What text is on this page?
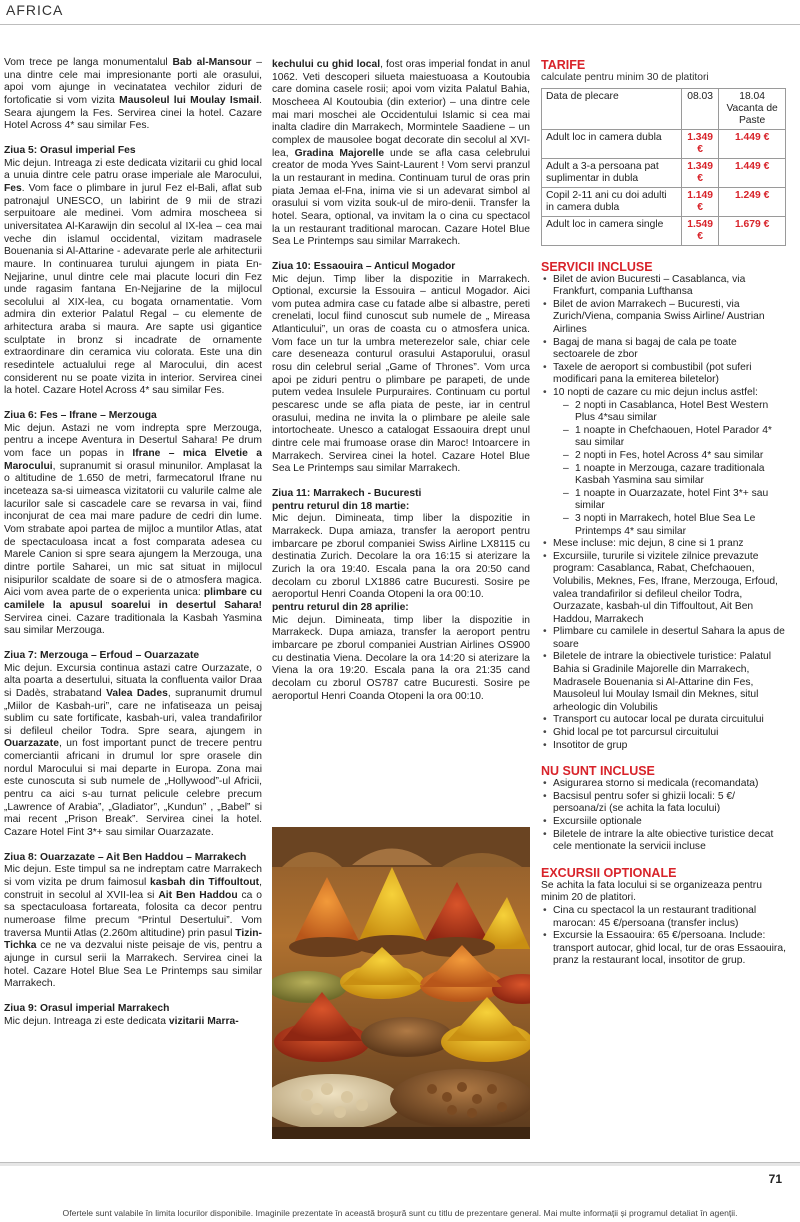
AFRICA

Vom trece pe langa monumentalul Bab al-Mansour – una dintre cele mai impresionante porti ale orasului, apoi vom ajunge in vecinatatea vechilor ziduri de fortoficatie si vom vizita Mausoleul lui Moulay Ismail. Seara ajungem la Fes. Servirea cinei la hotel. Cazare Hotel Across 4* sau similar Fes.

Ziua 5: Orasul imperial Fes

Mic dejun. Intreaga zi este dedicata vizitarii cu ghid local a unuia dintre cele patru orase imperiale ale Marocului, Fes. Vom face o plimbare in jurul Fez el-Bali, aflat sub patronajul UNESCO, un labirint de 9 mii de strazi serpuitoare ale medinei. Vom admira moscheea si universitatea Al-Karawijn din secolul al IX-lea – cea mai veche din islamul occidental, vizitam madrasele Bouenania si Al-Attarine - adevarate perle ale arhitecturii maure. In continuarea turului ajungem in piata En-Nejjarine, unul dintre cele mai placute locuri din Fez unde ragasim fantana En-Nejjarine de la mijlocul secolului al XIX-lea, cu bogata ornamentatie. Vom admira din exterior Palatul Regal – cu elemente de arhitectura araba si maura. Are sapte usi gigantice sculptate in bronz si incadrate de ornamente extraordinare din ceramica viu colorata. Este una din resedintele actualului rege al Marocului, din acest considerent nu se poate vizita in interior. Servirea cinei la hotel. Cazare Hotel Across 4* sau similar Fes.

Ziua 6: Fes – Ifrane – Merzouga

Mic dejun. Astazi ne vom indrepta spre Merzouga, pentru a incepe Aventura in Desertul Sahara! Pe drum vom face un popas in Ifrane – mica Elvetie a Marocului, supranumit si orasul minunilor. Amplasat la o altitudine de 1.650 de metri, farmecatorul Ifrane nu inceteaza sa-si uimeasca vizitatorii cu valurile calme ale lacurilor sale si cascadele care se revarsa in vai, fiind inconjurat de cea mai mare padure de cedri din lume. Vom strabate apoi partea de mijloc a muntilor Atlas, atat de spectaculoasa incat a fost comparata adesea cu Marele Canion si spre seara ajungem la Merzouga, una dintre portile Saharei, un mic sat situat in mijlocul nisipurilor scaldate de soare si de o atmosfera magica. Aici vom avea parte de o experienta unica: plimbare cu camilele la apusul soarelui in desertul Sahara! Servirea cinei. Cazare traditionala la Kasbah Yasmina sau similar Merzouga.

Ziua 7: Merzouga – Erfoud – Ouarzazate

Mic dejun. Excursia continua astazi catre Ourzazate, o alta poarta a desertului, situata la confluenta vailor Draa si Dadès, strabatand Valea Dades, supranumit drumul „Miilor de Kasbah-uri”, care ne infatiseaza un peisaj sublim cu sate fortificate, kasbah-uri, valea trandafirilor si defileul cheilor Todra. Spre seara, ajungem in Ouarzazate, un fost important punct de trecere pentru comerciantii africani in drumul lor spre orasele din nordul Marocului si mai departe in Europa. Zona mai este cunoscuta si sub numele de „Hollywood”-ul Africii, pentru ca aici s-au turnat pelicule celebre precum „Lawrence of Arabia”, „Gladiator”, „Kundun” , „Babel” si mai recent „Prison Break”. Servirea cinei la hotel. Cazare Hotel Fint 3*+ sau similar Ouarzazate.

Ziua 8: Ouarzazate – Ait Ben Haddou – Marrakech

Mic dejun. Este timpul sa ne indreptam catre Marrakech si vom vizita pe drum faimosul kasbah din Tiffoultout, construit in secolul al XVII-lea si Ait Ben Haddou ca o sa spectaculoasa fortareata, folosita ca decor pentru numeroase filme precum “Printul Desertului”. Vom traversa Muntii Atlas (2.260m altitudine) prin pasul Tizin-Tichka ce ne va dezvalui niste peisaje de vis, pentru a ajunge in cursul serii la Marrakech. Servirea cinei la hotel. Cazare Hotel Blue Sea Le Printemps sau similar Marrakech.

Ziua 9: Orasul imperial Marrakech

Mic dejun. Intreaga zi este dedicata vizitarii Marra-

kechului cu ghid local, fost oras imperial fondat in anul 1062. Veti descoperi silueta maiestuoasa a Koutoubia care domina casele rosii; apoi vom vizita Palatul Bahia, Moscheea Al Koutoubia (din exterior) – una dintre cele mai mari moschei ale Occidentului Islamic si cea mai inalta cladire din Marrakech, Mormintele Saadiene – un complex de mausolee bogat decorate din secolul al XVI-lea, Gradina Majorelle unde se afla casa celebrului creator de moda Yves Saint-Laurent ! Vom servi pranzul la un restaurant in medina. Continuam turul de oras prin piata Jemaa el-Fna, inima vie si un adevarat simbol al orasului si vom vizita souk-ul de miro-denii. Transfer la hotel. Seara, optional, va invitam la o cina cu spectacol la un restaurant traditional marocan. Cazare Hotel Blue Sea Le Printemps sau similar Marrakech.

Ziua 10: Essaouira – Anticul Mogador

Mic dejun. Timp liber la dispozitie in Marrakech. Optional, excursie la Essouira – anticul Mogador. Aici vom putea admira case cu fatade albe si albastre, pereti crenelati, locul fiind cunoscut sub numele de „ Mireasa Atlanticului”, un oras de coasta cu o atmosfera unica. Vom face un tur la umbra meterezelor sale, chiar cele care deseneaza conturul orasului Astaporului, orasul rosu din celebrul serial „Game of Thrones”. Vom urca apoi pe ziduri pentru o plimbare pe parapeti, de unde putem vedea Insulele Purpuraires. Continuam cu portul pescaresc unde se afla piata de peste, iar in centrul orasului, medina ne invita la o plimbare pe aleile sale intortocheate. Unesco a catalogat Essaouira drept unul dintre cele mai frumoase orase din Maroc! Intoarcere in Marrakech. Servirea cinei la hotel. Cazare Hotel Blue Sea Le Printemps sau similar Marrakech.

Ziua 11: Marrakech - Bucuresti

pentru returul din 18 martie:

Mic dejun. Dimineata, timp liber la dispozitie in Marrakeck. Dupa amiaza, transfer la aeroport pentru imbarcare pe zborul companiei Swiss Airline LX8115 cu destinatia Zurich. Decolare la ora 16:15 si aterizare la Zurich la ora 19:40. Escala pana la ora 20:50 cand decolam cu zborul LX1886 catre Bucuresti. Sosire pe aeroportul Henri Coanda Otopeni la ora 00:10.

pentru returul din 28 aprilie:

Mic dejun. Dimineata, timp liber la dispozitie in Marrakeck. Dupa amiaza, transfer la aeroport pentru imbarcare pe zborul companiei Austrian Airlines OS900 cu destinatia Viena. Decolare la ora 14:20 si aterizare la Viena la ora 19:20. Escala pana la ora 21:35 cand decolam cu zborul OS787 catre Bucuresti. Sosire pe aeroportul Henri Coanda Otopeni la ora 00:10.

TARIFE
calculate pentru minim 30 de platitori
Data de plecare	08.03	18.04 Vacanta de Paste
Adult loc in camera dubla	1.349 €	1.449 €
Adult a 3-a persoana pat suplimentar in dubla	1.349 €	1.449 €
Copil 2-11 ani cu doi adulti in camera dubla	1.149 €	1.249 €
Adult loc in camera single	1.549 €	1.679 €
SERVICII INCLUSE
• Bilet de avion Bucuresti – Casablanca, via Frankfurt, compania Lufthansa
• Bilet de avion Marrakech – Bucuresti, via Zurich/Viena, compania Swiss Airline/ Austrian Airlines
• Bagaj de mana si bagaj de cala pe toate sectoarele de zbor
• Taxele de aeroport si combustibil (pot suferi modificari pana la emiterea biletelor)
• 10 nopti de cazare cu mic dejun inclus astfel:
– 2 nopti in Casablanca, Hotel Best Western Plus 4*sau similar
– 1 noapte in Chefchaouen, Hotel Parador 4* sau similar
– 2 nopti in Fes, hotel Across 4* sau similar
– 1 noapte in Merzouga, cazare traditionala Kasbah Yasmina sau similar
– 1 noapte in Ouarzazate, hotel Fint 3*+ sau similar
– 3 nopti in Marrakech, hotel Blue Sea Le Printemps 4* sau similar
• Mese incluse: mic dejun, 8 cine si 1 pranz
• Excursiile, tururile si vizitele zilnice prevazute program: Casablanca, Rabat, Chefchaouen, Volubilis, Meknes, Fes, Ifrane, Merzouga, Erfoud, valea trandafirilor si defileul cheilor Todra, Ourzazate, kasbah-ul din Tiffoultout, Ait Ben Haddou, Marrakech
• Plimbare cu camilele in desertul Sahara la apus de soare
• Biletele de intrare la obiectivele turistice: Palatul Bahia si Gradinile Majorelle din Marrakech, Madrasele Bouenania si Al-Attarine din Fes, Mausoleul lui Moulay Ismail din Meknes, situl arheologic din Volubilis
• Transport cu autocar local pe durata circuitului
• Ghid local pe tot parcursul circuitului
• Insotitor de grup
NU SUNT INCLUSE
• Asigurarea storno si medicala (recomandata)
• Bacsisul pentru sofer si ghizii locali: 5 €/ persoana/zi (se achita la fata locului)
• Excursiile optionale
• Biletele de intrare la alte obiective turistice decat cele mentionate la servicii incluse
EXCURSII OPTIONALE

Se achita la fata locului si se organizeaza pentru minim 20 de platitori.

• Cina cu spectacol la un restaurant traditional marocan: 45 €/persoana (transfer inclus)
• Excursie la Essaouira: 65 €/persoana. Include: transport autocar, ghid local, tur de oras Essaouira, pranz la restaurant local, insotitor de grup.
71
Ofertele sunt valabile în limita locurilor disponibile. Imaginile prezentate în această broșură sunt cu titlu de prezentare general. Mai multe informații și programul detaliat în agenții.
